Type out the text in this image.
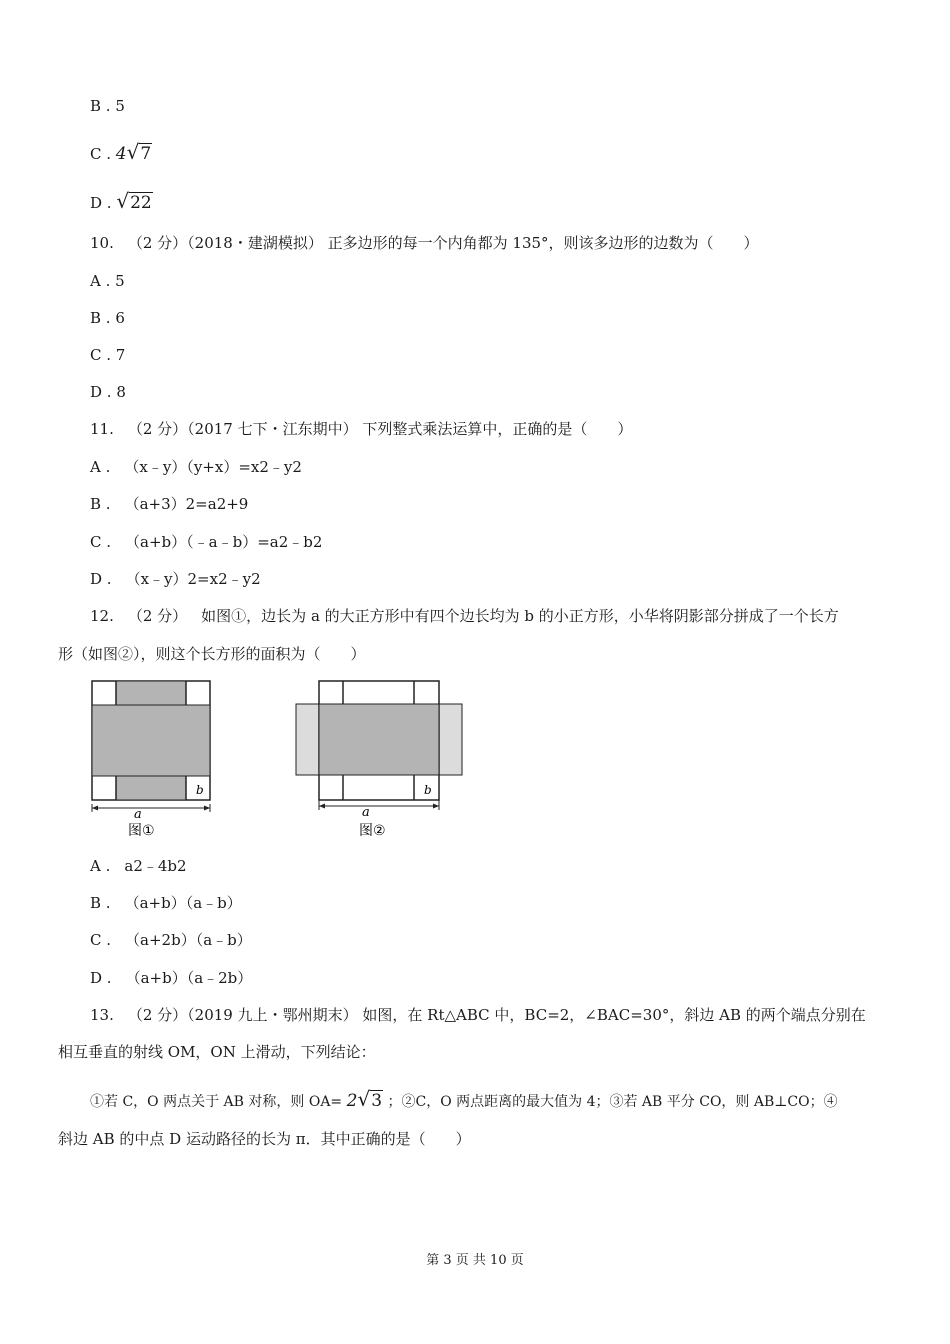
B . 5
C . 4√7
D . √22
10. （2 分）（2018・建湖模拟） 正多边形的每一个内角都为 135°，则该多边形的边数为（　　）
A . 5
B . 6
C . 7
D . 8
11. （2 分）（2017 七下・江东期中） 下列整式乘法运算中，正确的是（　　）
A . （x﹣y）（y+x）=x2﹣y2
B . （a+3）2=a2+9
C . （a+b）（﹣a﹣b）=a2﹣b2
D . （x﹣y）2=x2﹣y2
12. （2 分） 如图①，边长为 a 的大正方形中有四个边长均为 b 的小正方形，小华将阴影部分拼成了一个长方
形（如图②），则这个长方形的面积为（　　）
b
a
图①
b
a
图②
A . a2﹣4b2
B . （a+b）（a﹣b）
C . （a+2b）（a﹣b）
D . （a+b）（a﹣2b）
13. （2 分）（2019 九上・鄂州期末） 如图，在 Rt△ABC 中，BC=2，∠BAC=30°，斜边 AB 的两个端点分别在
相互垂直的射线 OM，ON 上滑动，下列结论：
①若 C，O 两点关于 AB 对称，则 OA= 2√3 ；②C，O 两点距离的最大值为 4；③若 AB 平分 CO，则 AB⊥CO；④
斜边 AB 的中点 D 运动路径的长为 π．其中正确的是（　　）
第 3 页 共 10 页
